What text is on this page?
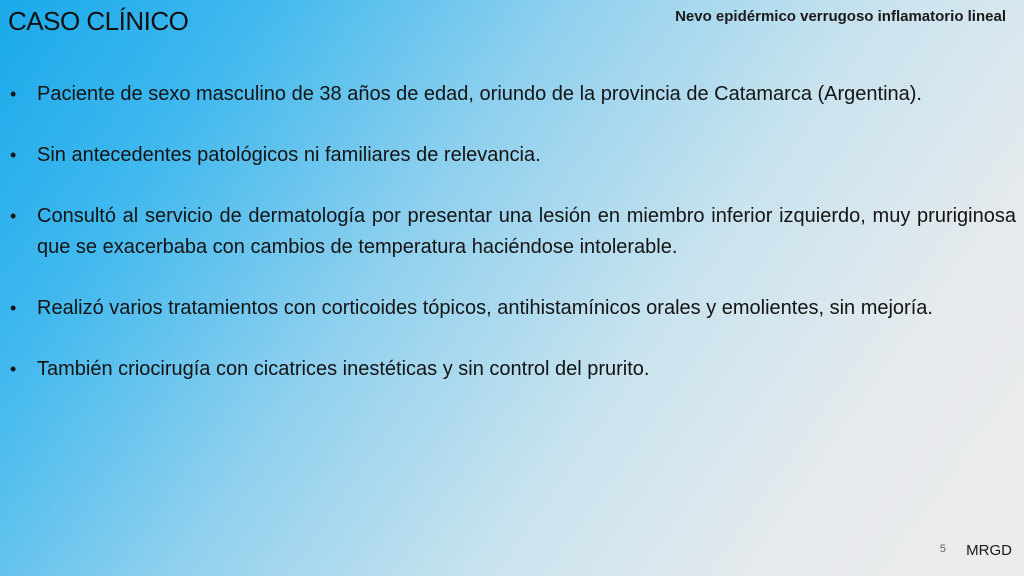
CASO CLÍNICO	Nevo epidérmico verrugoso inflamatorio lineal
• Paciente de sexo masculino de 38 años de edad, oriundo de la provincia de Catamarca (Argentina).
• Sin antecedentes patológicos ni familiares de relevancia.
• Consultó al servicio de dermatología por presentar una lesión en miembro inferior izquierdo, muy pruriginosa que se exacerbaba con cambios de temperatura haciéndose intolerable.
• Realizó varios tratamientos con corticoides tópicos, antihistamínicos orales y emolientes, sin mejoría.
• También criocirugía con cicatrices inestéticas y sin control del prurito.
5 MRGD
